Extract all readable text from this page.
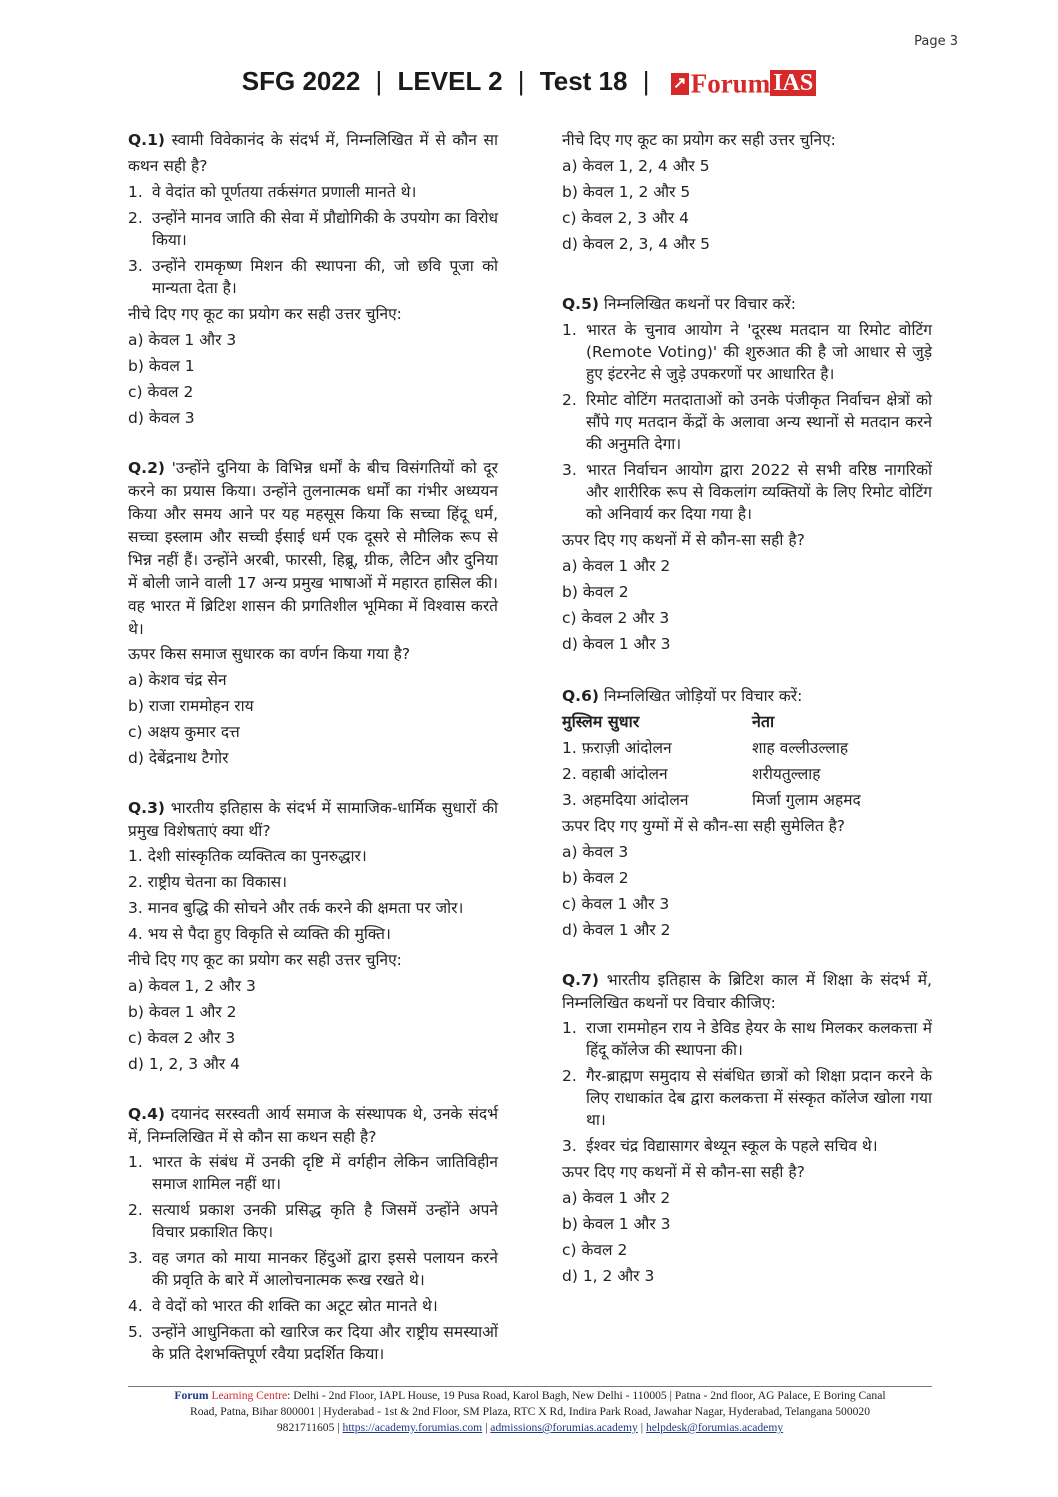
Page 3
SFG 2022 | LEVEL 2 | Test 18 | ↗ Forum IAS

Q.1) स्वामी विवेकानंद के संदर्भ में, निम्नलिखित में से कौन सा कथन सही है?

1. वे वेदांत को पूर्णतया तर्कसंगत प्रणाली मानते थे।
2. उन्होंने मानव जाति की सेवा में प्रौद्योगिकी के उपयोग का विरोध किया।
3. उन्होंने रामकृष्ण मिशन की स्थापना की, जो छवि पूजा को मान्यता देता है।

नीचे दिए गए कूट का प्रयोग कर सही उत्तर चुनिए:

a) केवल 1 और 3

b) केवल 1

c) केवल 2

d) केवल 3

Q.2) 'उन्होंने दुनिया के विभिन्न धर्मों के बीच विसंगतियों को दूर करने का प्रयास किया। उन्होंने तुलनात्मक धर्मों का गंभीर अध्ययन किया और समय आने पर यह महसूस किया कि सच्चा हिंदू धर्म, सच्चा इस्लाम और सच्ची ईसाई धर्म एक दूसरे से मौलिक रूप से भिन्न नहीं हैं। उन्होंने अरबी, फारसी, हिब्रू, ग्रीक, लैटिन और दुनिया में बोली जाने वाली 17 अन्य प्रमुख भाषाओं में महारत हासिल की। वह भारत में ब्रिटिश शासन की प्रगतिशील भूमिका में विश्वास करते थे।

ऊपर किस समाज सुधारक का वर्णन किया गया है?

a) केशव चंद्र सेन

b) राजा राममोहन राय

c) अक्षय कुमार दत्त

d) देबेंद्रनाथ टैगोर

Q.3) भारतीय इतिहास के संदर्भ में सामाजिक-धार्मिक सुधारों की प्रमुख विशेषताएं क्या थीं?

1. देशी सांस्कृतिक व्यक्तित्व का पुनरुद्धार।

2. राष्ट्रीय चेतना का विकास।

3. मानव बुद्धि की सोचने और तर्क करने की क्षमता पर जोर।

4. भय से पैदा हुए विकृति से व्यक्ति की मुक्ति।

नीचे दिए गए कूट का प्रयोग कर सही उत्तर चुनिए:

a) केवल 1, 2 और 3

b) केवल 1 और 2

c) केवल 2 और 3

d) 1, 2, 3 और 4

Q.4) दयानंद सरस्वती आर्य समाज के संस्थापक थे, उनके संदर्भ में, निम्नलिखित में से कौन सा कथन सही है?

1. भारत के संबंध में उनकी दृष्टि में वर्गहीन लेकिन जातिविहीन समाज शामिल नहीं था।
2. सत्यार्थ प्रकाश उनकी प्रसिद्ध कृति है जिसमें उन्होंने अपने विचार प्रकाशित किए।
3. वह जगत को माया मानकर हिंदुओं द्वारा इससे पलायन करने की प्रवृति के बारे में आलोचनात्मक रूख रखते थे।
4. वे वेदों को भारत की शक्ति का अटूट स्रोत मानते थे।
5. उन्होंने आधुनिकता को खारिज कर दिया और राष्ट्रीय समस्याओं के प्रति देशभक्तिपूर्ण रवैया प्रदर्शित किया।

नीचे दिए गए कूट का प्रयोग कर सही उत्तर चुनिए:

a) केवल 1, 2, 4 और 5

b) केवल 1, 2 और 5

c) केवल 2, 3 और 4

d) केवल 2, 3, 4 और 5

Q.5) निम्नलिखित कथनों पर विचार करें:

1. भारत के चुनाव आयोग ने 'दूरस्थ मतदान या रिमोट वोटिंग (Remote Voting)' की शुरुआत की है जो आधार से जुड़े हुए इंटरनेट से जुड़े उपकरणों पर आधारित है।
2. रिमोट वोटिंग मतदाताओं को उनके पंजीकृत निर्वाचन क्षेत्रों को सौंपे गए मतदान केंद्रों के अलावा अन्य स्थानों से मतदान करने की अनुमति देगा।
3. भारत निर्वाचन आयोग द्वारा 2022 से सभी वरिष्ठ नागरिकों और शारीरिक रूप से विकलांग व्यक्तियों के लिए रिमोट वोटिंग को अनिवार्य कर दिया गया है।

ऊपर दिए गए कथनों में से कौन-सा सही है?

a) केवल 1 और 2

b) केवल 2

c) केवल 2 और 3

d) केवल 1 और 3

Q.6) निम्नलिखित जोड़ियों पर विचार करें:

मुस्लिम सुधार	नेता
1. फ़राज़ी आंदोलन	शाह वल्लीउल्लाह
2. वहाबी आंदोलन	शरीयतुल्लाह
3. अहमदिया आंदोलन	मिर्जा गुलाम अहमद

ऊपर दिए गए युग्मों में से कौन-सा सही सुमेलित है?

a) केवल 3

b) केवल 2

c) केवल 1 और 3

d) केवल 1 और 2

Q.7) भारतीय इतिहास के ब्रिटिश काल में शिक्षा के संदर्भ में, निम्नलिखित कथनों पर विचार कीजिए:

1. राजा राममोहन राय ने डेविड हेयर के साथ मिलकर कलकत्ता में हिंदू कॉलेज की स्थापना की।
2. गैर-ब्राह्मण समुदाय से संबंधित छात्रों को शिक्षा प्रदान करने के लिए राधाकांत देब द्वारा कलकत्ता में संस्कृत कॉलेज खोला गया था।
3. ईश्वर चंद्र विद्यासागर बेथ्यून स्कूल के पहले सचिव थे।

ऊपर दिए गए कथनों में से कौन-सा सही है?

a) केवल 1 और 2

b) केवल 1 और 3

c) केवल 2

d) 1, 2 और 3

Forum Learning Centre: Delhi - 2nd Floor, IAPL House, 19 Pusa Road, Karol Bagh, New Delhi - 110005 | Patna - 2nd floor, AG Palace, E Boring Canal
Road, Patna, Bihar 800001 | Hyderabad - 1st & 2nd Floor, SM Plaza, RTC X Rd, Indira Park Road, Jawahar Nagar, Hyderabad, Telangana 500020
9821711605 | https://academy.forumias.com | admissions@forumias.academy | helpdesk@forumias.academy
